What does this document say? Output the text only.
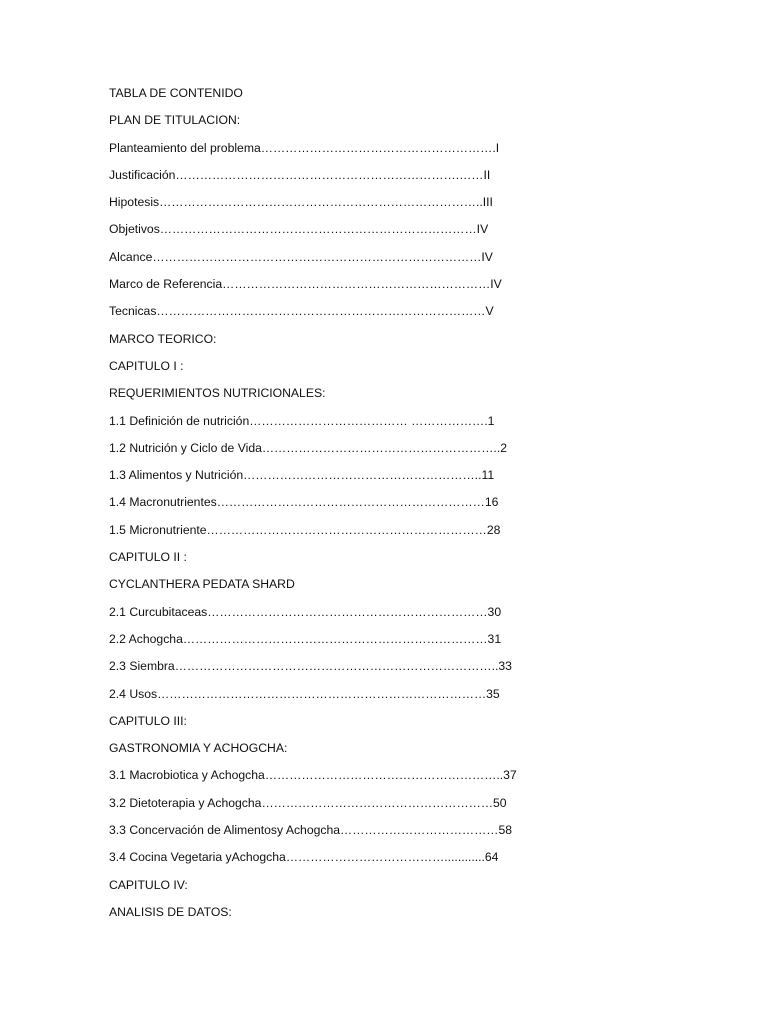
TABLA DE CONTENIDO
PLAN DE TITULACION:
Planteamiento del problema………………………………………………….I
Justificación…………………………………………………………….……II
Hipotesis……………………………………………………………………..III
Objetivos……………………………………………………………………IV
Alcance………………………………………………………………………IV
Marco de Referencia…………………………………………………………IV
Tecnicas………………………………………………………………………V
MARCO TEORICO:
CAPITULO I :
REQUERIMIENTOS NUTRICIONALES:
1.1 Definición de nutrición………………………………… ……………….1
1.2 Nutrición y Ciclo de Vida…………………………………………………..2
1.3 Alimentos y Nutrición…………………………………………………..11
1.4 Macronutrientes…………………………………………………………16
1.5 Micronutriente……………………………………………………………28
CAPITULO II :
CYCLANTHERA PEDATA SHARD
2.1 Curcubitaceas……………………………………………………………30
2.2 Achogcha…………………………………………………………………31
2.3 Siembra……………………………………………………………………..33
2.4 Usos………………………………………………………………………35
CAPITULO III:
GASTRONOMIA Y ACHOGCHA:
3.1 Macrobiotica y Achogcha…………………………………………………..37
3.2 Dietoterapia y Achogcha…………………………………………………50
3.3 Concervación de Alimentosy Achogcha…………………………………58
3.4 Cocina Vegetaria yAchogcha…………………………………............64
CAPITULO IV:
ANALISIS DE DATOS:
